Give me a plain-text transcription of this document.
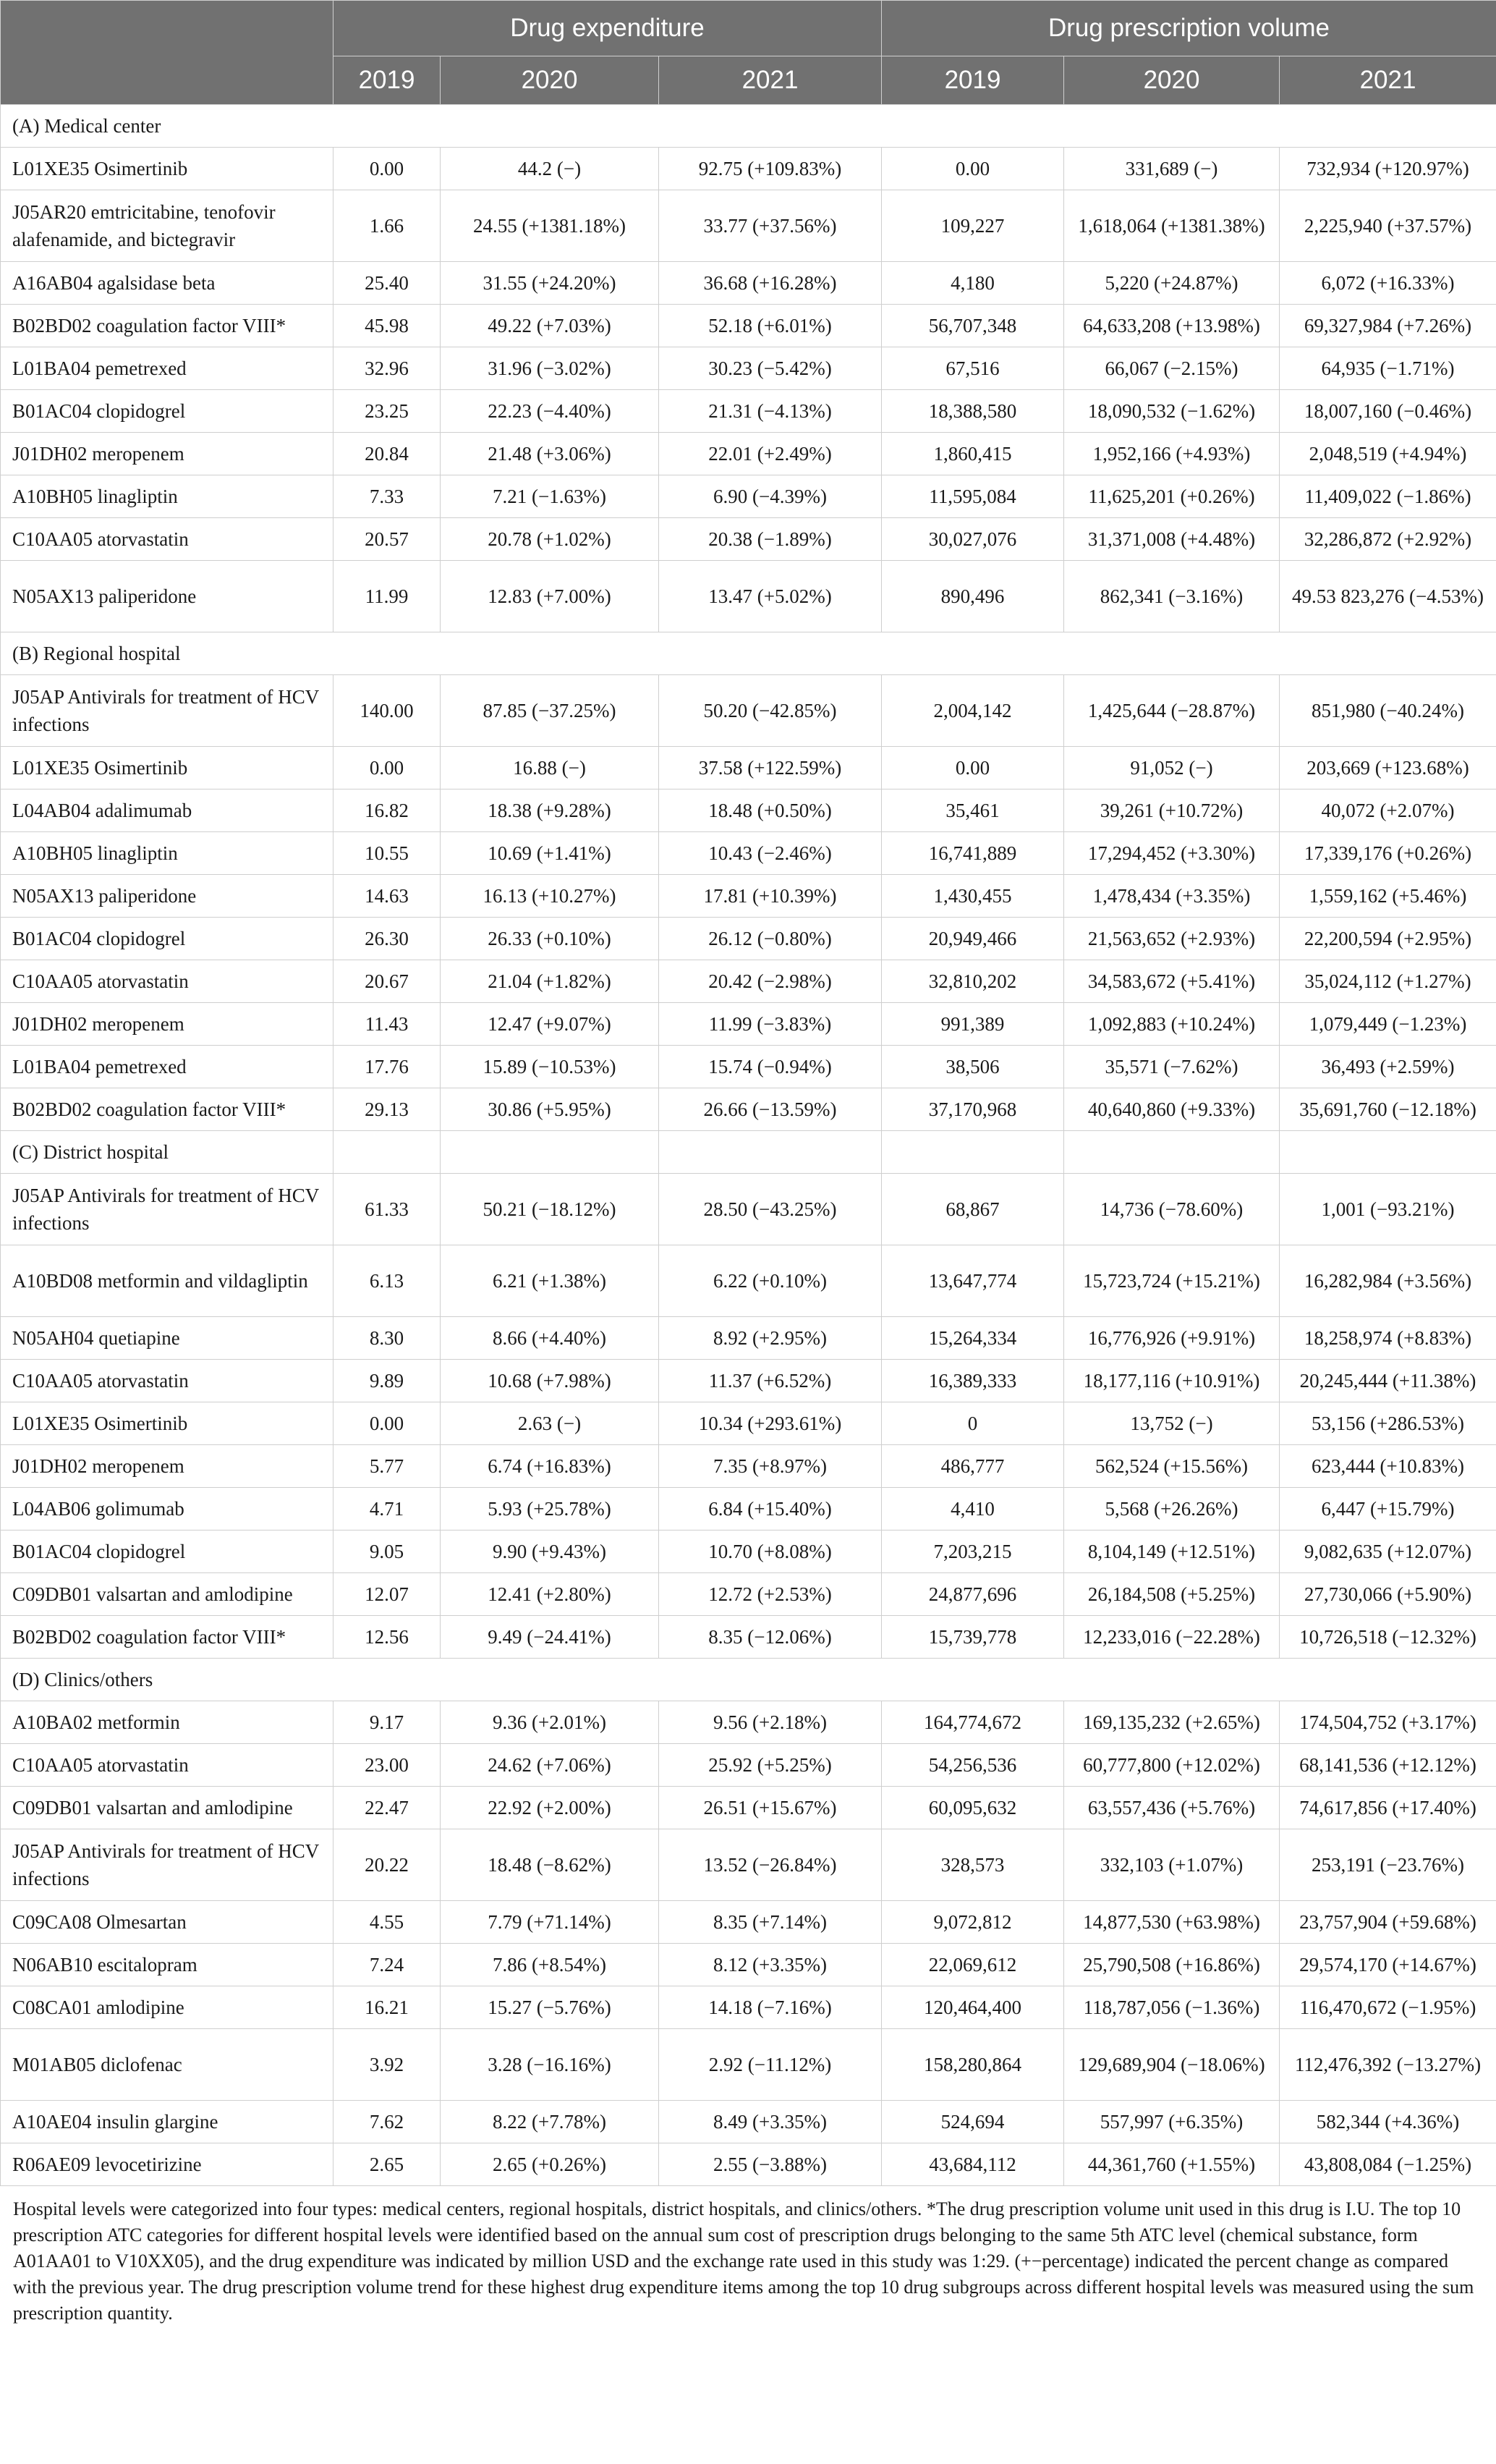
	Drug expenditure			Drug prescription volume		
	2019	2020	2021	2019	2020	2021
(A) Medical center						
L01XE35 Osimertinib	0.00	44.2 (−)	92.75 (+109.83%)	0.00	331,689 (−)	732,934 (+120.97%)
J05AR20 emtricitabine, tenofovir alafenamide, and bictegravir	1.66	24.55 (+1381.18%)	33.77 (+37.56%)	109,227	1,618,064 (+1381.38%)	2,225,940 (+37.57%)
A16AB04 agalsidase beta	25.40	31.55 (+24.20%)	36.68 (+16.28%)	4,180	5,220 (+24.87%)	6,072 (+16.33%)
B02BD02 coagulation factor VIII*	45.98	49.22 (+7.03%)	52.18 (+6.01%)	56,707,348	64,633,208 (+13.98%)	69,327,984 (+7.26%)
L01BA04 pemetrexed	32.96	31.96 (−3.02%)	30.23 (−5.42%)	67,516	66,067 (−2.15%)	64,935 (−1.71%)
B01AC04 clopidogrel	23.25	22.23 (−4.40%)	21.31 (−4.13%)	18,388,580	18,090,532 (−1.62%)	18,007,160 (−0.46%)
J01DH02 meropenem	20.84	21.48 (+3.06%)	22.01 (+2.49%)	1,860,415	1,952,166 (+4.93%)	2,048,519 (+4.94%)
A10BH05 linagliptin	7.33	7.21 (−1.63%)	6.90 (−4.39%)	11,595,084	11,625,201 (+0.26%)	11,409,022 (−1.86%)
C10AA05 atorvastatin	20.57	20.78 (+1.02%)	20.38 (−1.89%)	30,027,076	31,371,008 (+4.48%)	32,286,872 (+2.92%)
N05AX13 paliperidone	11.99	12.83 (+7.00%)	13.47 (+5.02%)	890,496	862,341 (−3.16%)	49.53 823,276 (−4.53%)
(B) Regional hospital						
J05AP Antivirals for treatment of HCV infections	140.00	87.85 (−37.25%)	50.20 (−42.85%)	2,004,142	1,425,644 (−28.87%)	851,980 (−40.24%)
L01XE35 Osimertinib	0.00	16.88 (−)	37.58 (+122.59%)	0.00	91,052 (−)	203,669 (+123.68%)
L04AB04 adalimumab	16.82	18.38 (+9.28%)	18.48 (+0.50%)	35,461	39,261 (+10.72%)	40,072 (+2.07%)
A10BH05 linagliptin	10.55	10.69 (+1.41%)	10.43 (−2.46%)	16,741,889	17,294,452 (+3.30%)	17,339,176 (+0.26%)
N05AX13 paliperidone	14.63	16.13 (+10.27%)	17.81 (+10.39%)	1,430,455	1,478,434 (+3.35%)	1,559,162 (+5.46%)
B01AC04 clopidogrel	26.30	26.33 (+0.10%)	26.12 (−0.80%)	20,949,466	21,563,652 (+2.93%)	22,200,594 (+2.95%)
C10AA05 atorvastatin	20.67	21.04 (+1.82%)	20.42 (−2.98%)	32,810,202	34,583,672 (+5.41%)	35,024,112 (+1.27%)
J01DH02 meropenem	11.43	12.47 (+9.07%)	11.99 (−3.83%)	991,389	1,092,883 (+10.24%)	1,079,449 (−1.23%)
L01BA04 pemetrexed	17.76	15.89 (−10.53%)	15.74 (−0.94%)	38,506	35,571 (−7.62%)	36,493 (+2.59%)
B02BD02 coagulation factor VIII*	29.13	30.86 (+5.95%)	26.66 (−13.59%)	37,170,968	40,640,860 (+9.33%)	35,691,760 (−12.18%)
(C) District hospital						
J05AP Antivirals for treatment of HCV infections	61.33	50.21 (−18.12%)	28.50 (−43.25%)	68,867	14,736 (−78.60%)	1,001 (−93.21%)
A10BD08 metformin and vildagliptin	6.13	6.21 (+1.38%)	6.22 (+0.10%)	13,647,774	15,723,724 (+15.21%)	16,282,984 (+3.56%)
N05AH04 quetiapine	8.30	8.66 (+4.40%)	8.92 (+2.95%)	15,264,334	16,776,926 (+9.91%)	18,258,974 (+8.83%)
C10AA05 atorvastatin	9.89	10.68 (+7.98%)	11.37 (+6.52%)	16,389,333	18,177,116 (+10.91%)	20,245,444 (+11.38%)
L01XE35 Osimertinib	0.00	2.63 (−)	10.34 (+293.61%)	0	13,752 (−)	53,156 (+286.53%)
J01DH02 meropenem	5.77	6.74 (+16.83%)	7.35 (+8.97%)	486,777	562,524 (+15.56%)	623,444 (+10.83%)
L04AB06 golimumab	4.71	5.93 (+25.78%)	6.84 (+15.40%)	4,410	5,568 (+26.26%)	6,447 (+15.79%)
B01AC04 clopidogrel	9.05	9.90 (+9.43%)	10.70 (+8.08%)	7,203,215	8,104,149 (+12.51%)	9,082,635 (+12.07%)
C09DB01 valsartan and amlodipine	12.07	12.41 (+2.80%)	12.72 (+2.53%)	24,877,696	26,184,508 (+5.25%)	27,730,066 (+5.90%)
B02BD02 coagulation factor VIII*	12.56	9.49 (−24.41%)	8.35 (−12.06%)	15,739,778	12,233,016 (−22.28%)	10,726,518 (−12.32%)
(D) Clinics/others						
A10BA02 metformin	9.17	9.36 (+2.01%)	9.56 (+2.18%)	164,774,672	169,135,232 (+2.65%)	174,504,752 (+3.17%)
C10AA05 atorvastatin	23.00	24.62 (+7.06%)	25.92 (+5.25%)	54,256,536	60,777,800 (+12.02%)	68,141,536 (+12.12%)
C09DB01 valsartan and amlodipine	22.47	22.92 (+2.00%)	26.51 (+15.67%)	60,095,632	63,557,436 (+5.76%)	74,617,856 (+17.40%)
J05AP Antivirals for treatment of HCV infections	20.22	18.48 (−8.62%)	13.52 (−26.84%)	328,573	332,103 (+1.07%)	253,191 (−23.76%)
C09CA08 Olmesartan	4.55	7.79 (+71.14%)	8.35 (+7.14%)	9,072,812	14,877,530 (+63.98%)	23,757,904 (+59.68%)
N06AB10 escitalopram	7.24	7.86 (+8.54%)	8.12 (+3.35%)	22,069,612	25,790,508 (+16.86%)	29,574,170 (+14.67%)
C08CA01 amlodipine	16.21	15.27 (−5.76%)	14.18 (−7.16%)	120,464,400	118,787,056 (−1.36%)	116,470,672 (−1.95%)
M01AB05 diclofenac	3.92	3.28 (−16.16%)	2.92 (−11.12%)	158,280,864	129,689,904 (−18.06%)	112,476,392 (−13.27%)
A10AE04 insulin glargine	7.62	8.22 (+7.78%)	8.49 (+3.35%)	524,694	557,997 (+6.35%)	582,344 (+4.36%)
R06AE09 levocetirizine	2.65	2.65 (+0.26%)	2.55 (−3.88%)	43,684,112	44,361,760 (+1.55%)	43,808,084 (−1.25%)
Hospital levels were categorized into four types: medical centers, regional hospitals, district hospitals, and clinics/others. *The drug prescription volume unit used in this drug is I.U. The top 10 prescription ATC categories for different hospital levels were identified based on the annual sum cost of prescription drugs belonging to the same 5th ATC level (chemical substance, form A01AA01 to V10XX05), and the drug expenditure was indicated by million USD and the exchange rate used in this study was 1:29. (+−percentage) indicated the percent change as compared with the previous year. The drug prescription volume trend for these highest drug expenditure items among the top 10 drug subgroups across different hospital levels was measured using the sum prescription quantity.
